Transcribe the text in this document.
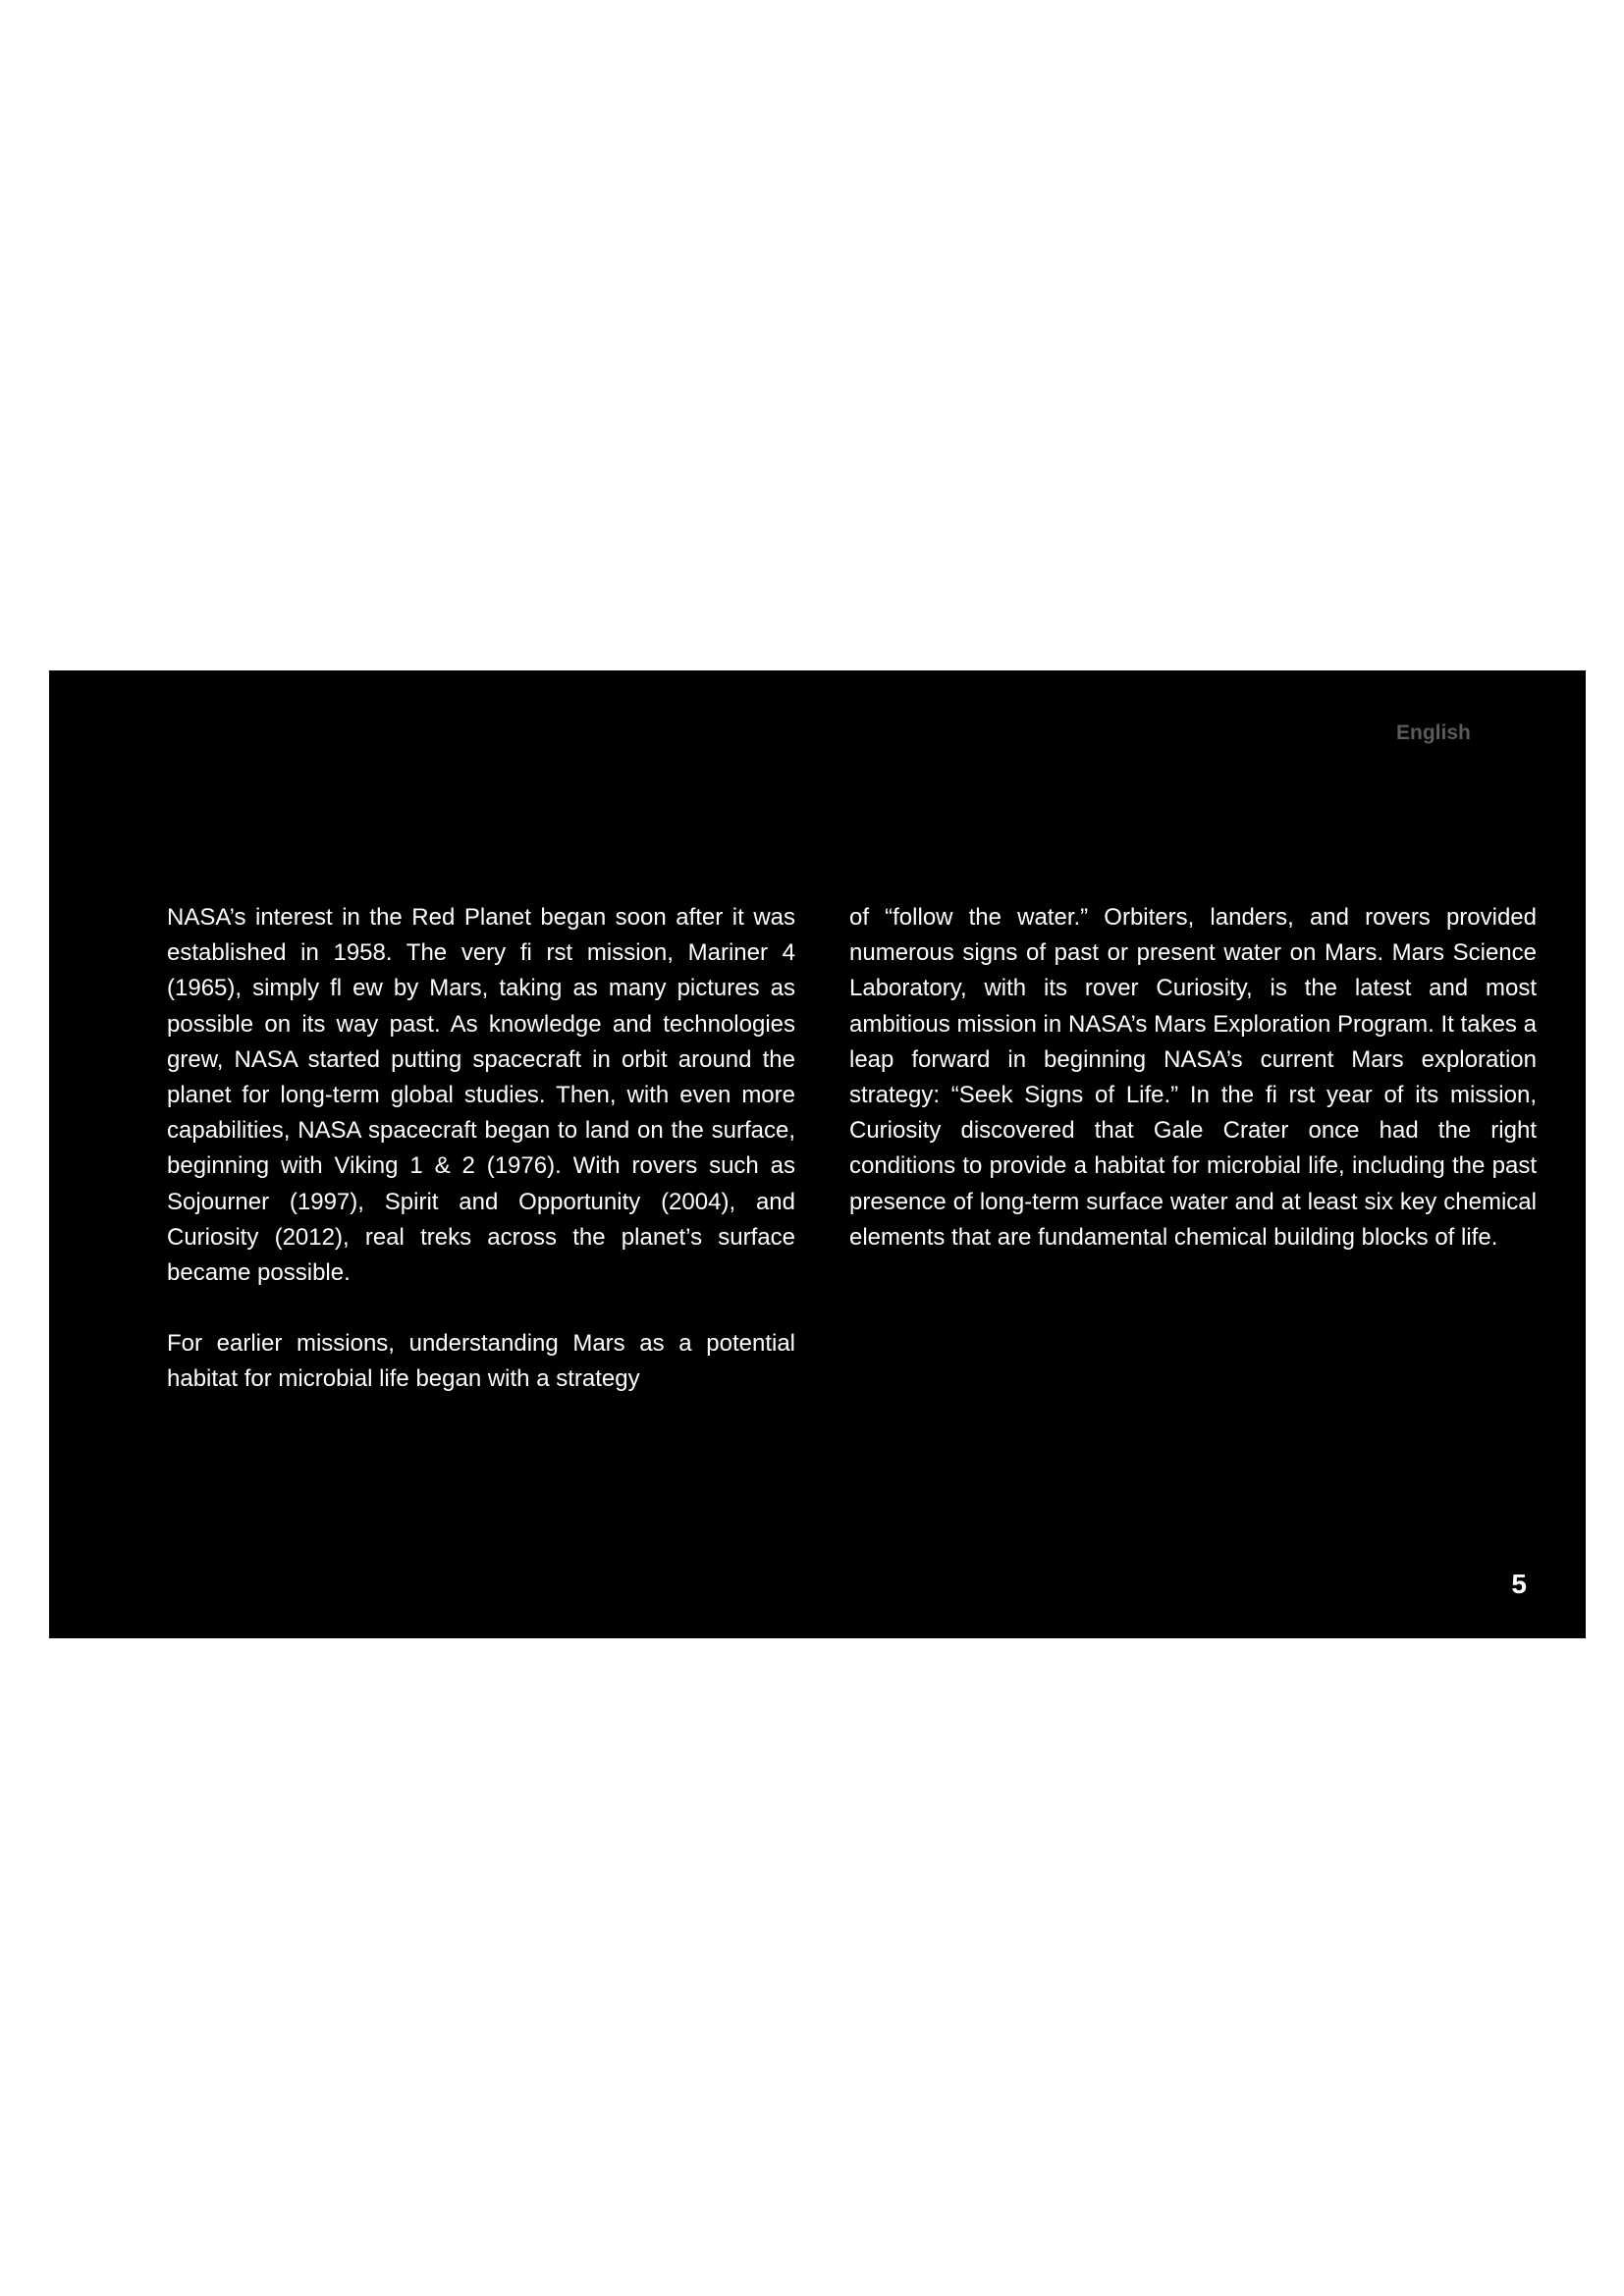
English

NASA’s interest in the Red Planet began soon after it was established in 1958. The very fi rst mission, Mariner 4 (1965), simply fl ew by Mars, taking as many pictures as possible on its way past. As knowledge and technologies grew, NASA started putting spacecraft in orbit around the planet for long-term global studies. Then, with even more capabilities, NASA spacecraft began to land on the surface, beginning with Viking 1 & 2 (1976). With rovers such as Sojourner (1997), Spirit and Opportunity (2004), and Curiosity (2012), real treks across the planet’s surface became possible.

For earlier missions, understanding Mars as a potential habitat for microbial life began with a strategy

of “follow the water.” Orbiters, landers, and rovers provided numerous signs of past or present water on Mars. Mars Science Laboratory, with its rover Curiosity, is the latest and most ambitious mission in NASA’s Mars Exploration Program. It takes a leap forward in beginning NASA’s current Mars exploration strategy: “Seek Signs of Life.” In the fi rst year of its mission, Curiosity discovered that Gale Crater once had the right conditions to provide a habitat for microbial life, including the past presence of long-term surface water and at least six key chemical elements that are fundamental chemical building blocks of life.

5
